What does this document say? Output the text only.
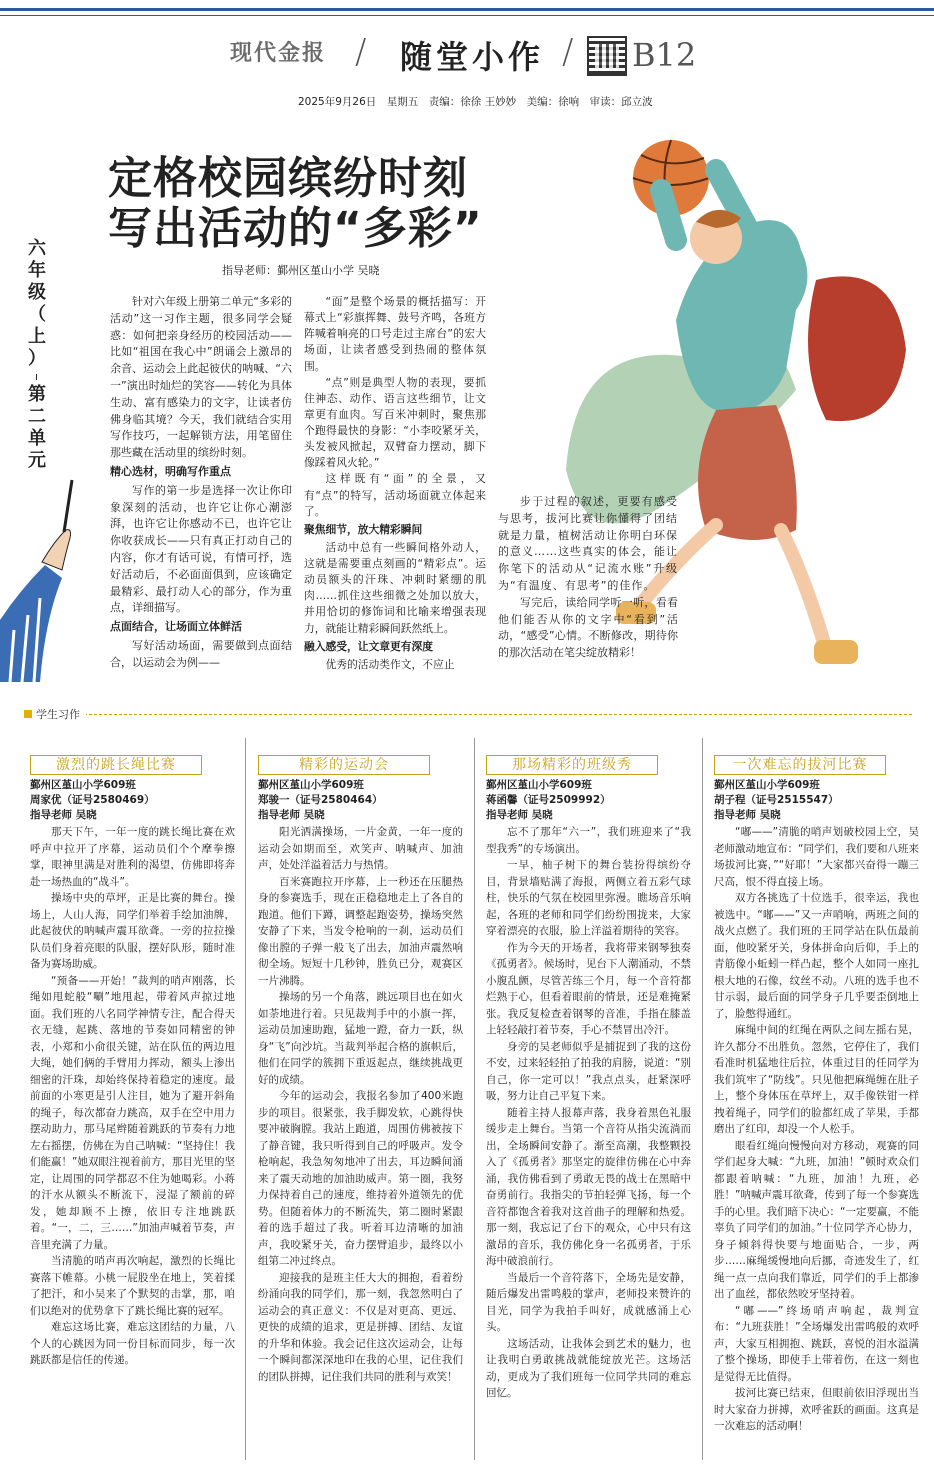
现代金报 / 随堂小作 / B12
2025年9月26日　星期五　责编：徐徐 王妙妙　美编：徐响　审读：邱立波
定格校园缤纷时刻
写出活动的“多彩”
指导老师：鄞州区堇山小学 吴晓
六
年
级
（
上
）
第
二
单
元

针对六年级上册第二单元“多彩的活动”这一习作主题，很多同学会疑惑：如何把亲身经历的校园活动——比如“祖国在我心中”朗诵会上激昂的余音、运动会上此起彼伏的呐喊、“六一”演出时灿烂的笑容——转化为具体生动、富有感染力的文字，让读者仿佛身临其境？今天，我们就结合实用写作技巧，一起解锁方法，用笔留住那些藏在活动里的缤纷时刻。

精心选材，明确写作重点

写作的第一步是选择一次让你印象深刻的活动，也许它让你心潮澎湃，也许它让你感动不已，也许它让你收获成长——只有真正打动自己的内容，你才有话可说，有情可抒，选好活动后，不必面面俱到，应该确定最精彩、最打动人心的部分，作为重点，详细描写。

点面结合，让场面立体鲜活

写好活动场面，需要做到点面结合，以运动会为例——

“面”是整个场景的概括描写：开幕式上“彩旗挥舞、鼓号齐鸣，各班方阵喊着响亮的口号走过主席台”的宏大场面，让读者感受到热闹的整体氛围。

“点”则是典型人物的表现，要抓住神态、动作、语言这些细节，让文章更有血肉。写百米冲刺时，聚焦那个跑得最快的身影：“小李咬紧牙关，头发被风掀起，双臂奋力摆动，脚下像踩着风火轮。”

这样既有“面”的全景，又有“点”的特写，活动场面就立体起来了。

聚焦细节，放大精彩瞬间

活动中总有一些瞬间格外动人，这就是需要重点刻画的“精彩点”。运动员额头的汗珠、冲刺时紧绷的肌肉……抓住这些细微之处加以放大，并用恰切的修饰词和比喻来增强表现力，就能让精彩瞬间跃然纸上。

融入感受，让文章更有深度

优秀的活动类作文，不应止

步于过程的叙述，更要有感受与思考，拔河比赛让你懂得了团结就是力量，植树活动让你明白环保的意义……这些真实的体会，能让你笔下的活动从“记流水账”升级为“有温度、有思考”的佳作。

写完后，读给同学听一听，看看他们能否从你的文字中“看到”活动，“感受”心情。不断修改，期待你的那次活动在笔尖绽放精彩！

学生习作
激烈的跳长绳比赛
鄞州区堇山小学609班
周家优（证号2580469）
指导老师 吴晓

那天下午，一年一度的跳长绳比赛在欢呼声中拉开了序幕，运动员们个个摩拳擦掌，眼神里满是对胜利的渴望，仿佛即将奔赴一场热血的“战斗”。

操场中央的草坪，正是比赛的舞台。操场上，人山人海，同学们举着手绘加油牌，此起彼伏的呐喊声震耳欲聋。一旁的拉拉操队员们身着亮眼的队服，摆好队形，随时准备为赛场助威。

“预备——开始！”裁判的哨声刚落，长绳如甩蛇般“唰”地甩起，带着风声掠过地面。我们班的八名同学神情专注，配合得天衣无缝，起跳、落地的节奏如同精密的钟表，小郑和小俞很关键，站在队伍的两边甩大绳，她们俩的手臂用力挥动，额头上渗出细密的汗珠，却始终保持着稳定的速度。最前面的小寒更是引人注目，她为了避开斜角的绳子，每次都奋力跳高，双手在空中用力摆动助力，那马尾辫随着跳跃的节奏有力地左右摇摆，仿佛在为自己呐喊：“坚持住！我们能赢！”她双眼注视着前方，那目光里的坚定，让周围的同学都忍不住为她喝彩。小蒋的汗水从额头不断流下，浸湿了额前的碎发，她却顾不上擦，依旧专注地跳跃着。“一，二，三……”加油声喊着节奏，声音里充满了力量。

当清脆的哨声再次响起，激烈的长绳比赛落下帷幕。小桃一屁股坐在地上，笑着揉了把汗，和小吴来了个默契的击掌，那，咱们以绝对的优势拿下了跳长绳比赛的冠军。

难忘这场比赛，难忘这团结的力量，八个人的心跳因为同一份目标而同步，每一次跳跃都是信任的传递。

精彩的运动会
鄞州区堇山小学609班
郑骏一（证号2580464）
指导老师 吴晓

阳光洒满操场，一片金黄，一年一度的运动会如期而至，欢笑声、呐喊声、加油声，处处洋溢着活力与热情。

百米赛跑拉开序幕，上一秒还在压腿热身的参赛选手，现在正稳稳地走上了各自的跑道。他们下蹲，调整起跑姿势，操场突然安静了下来，当发令枪响的一刹，运动员们像出膛的子弹一般飞了出去，加油声震然响彻全场。短短十几秒钟，胜负已分，观赛区一片沸腾。

操场的另一个角落，跳远项目也在如火如荼地进行着。只见裁判手中的小旗一挥，运动员加速助跑，猛地一蹬，奋力一跃，纵身“飞”向沙坑。当裁判举起合格的旗帜后，他们在同学的簇拥下重返起点，继续挑战更好的成绩。

今年的运动会，我报名参加了400米跑步的项目。很紧张，我手脚发软，心跳得快要冲破胸膛。我站上跑道，周围仿佛被按下了静音键，我只听得到自己的呼吸声。发令枪响起，我急匆匆地冲了出去，耳边瞬间涌来了震天动地的加油助威声。第一圈，我努力保持着自己的速度，维持着外道领先的优势。但随着体力的不断流失，第二圈时紧跟着的选手超过了我。听着耳边清晰的加油声，我咬紧牙关，奋力摆臂追步，最终以小组第二冲过终点。

迎接我的是班主任大大的拥抱，看着纷纷涌向我的同学们，那一刻，我忽然明白了运动会的真正意义：不仅是对更高、更远、更快的成绩的追求，更是拼搏、团结、友谊的升华和体验。我会记住这次运动会，让每一个瞬间都深深地印在我的心里，记住我们的团队拼搏，记住我们共同的胜利与欢笑！

那场精彩的班级秀
鄞州区堇山小学609班
蒋函馨（证号2509992）
指导老师 吴晓

忘不了那年“六一”，我们班迎来了“我型我秀”的专场演出。

一早，柚子树下的舞台装扮得缤纷夺目，背景墙贴满了海报，两侧立着五彩气球柱，快乐的气氛在校园里弥漫。瞧场音乐响起，各班的老师和同学们纷纷围拢来，大家穿着漂亮的衣服，脸上洋溢着期待的笑容。

作为今天的开场者，我将带来钢琴独奏《孤勇者》。候场时，见台下人潮涌动，不禁小腹乱颤，尽管苦练三个月，每一个音符都烂熟于心，但看着眼前的情景，还是难掩紧张。我反复检查着钢琴的音准，手指在膝盖上轻轻敲打着节奏，手心不禁冒出冷汗。

身旁的吴老师似乎是捕捉到了我的这份不安，过来轻轻拍了拍我的肩膀，说道：“别自己，你一定可以！”我点点头，赶紧深呼吸，努力让自己平复下来。

随着主持人报幕声落，我身着黑色礼服缓步走上舞台。当第一个音符从指尖流淌而出，全场瞬间安静了。渐至高潮，我整颗投入了《孤勇者》那坚定的旋律仿佛在心中奔涌，我仿佛看到了勇敢无畏的战士在黑暗中奋勇前行。我指尖的节拍轻弹飞扬，每一个音符都饱含着我对这首曲子的理解和热爱。那一刻，我忘记了台下的观众，心中只有这激昂的音乐，我仿佛化身一名孤勇者，于乐海中破浪前行。

当最后一个音符落下，全场先是安静，随后爆发出雷鸣般的掌声，老师投来赞许的目光，同学为我拍手叫好，成就感涌上心头。

这场活动，让我体会到艺术的魅力，也让我明白勇敢挑战就能绽放光芒。这场活动，更成为了我们班每一位同学共同的难忘回忆。

一次难忘的拔河比赛
鄞州区堇山小学609班
胡子程（证号2515547）
指导老师 吴晓

“嘟——”清脆的哨声划破校园上空，吴老师激动地宣布：“同学们，我们要和八班来场拔河比赛，”“好耶！”大家都兴奋得一蹦三尺高，恨不得直接上场。

双方各挑选了十位选手，很幸运，我也被选中。“嘟——”又一声哨响，两班之间的战火点燃了。我们班的王同学站在队伍最前面，他咬紧牙关，身体拼命向后仰，手上的青筋像小蚯蚓一样凸起，整个人如同一座扎根大地的石像，纹丝不动。八班的选手也不甘示弱，最后面的同学身子几乎要歪倒地上了，脸憋得通红。

麻绳中间的红绳在两队之间左摇右晃，许久都分不出胜负。忽然，它停住了，我们看准时机猛地往后拉，体重过目的任同学为我们筑牢了“防线”。只见他把麻绳缠在肚子上，整个身体压在草坪上，双手像铁钳一样拽着绳子，同学们的脸都红成了苹果，手都磨出了红印，却没一个人松手。

眼看红绳向慢慢向对方移动，观赛的同学们起身大喊：“九班，加油！”顿时欢众们都跟着呐喊：“九班，加油！九班，必胜！”呐喊声震耳欲聋，传到了每一个参赛选手的心里。我们暗下决心：“一定要赢，不能辜负了同学们的加油。”十位同学齐心协力，身子倾斜得快要与地面贴合，一步，两步……麻绳缓慢地向后挪，奇迹发生了，红绳一点一点向我们靠近，同学们的手上都渗出了血丝，都依然咬牙坚持着。

“嘟——”终场哨声响起，裁判宣布：“九班获胜！”全场爆发出雷鸣般的欢呼声，大家互相拥抱、跳跃，喜悦的泪水溢满了整个操场，即使手上带着伤，在这一刻也是觉得无比值得。

拔河比赛已结束，但眼前依旧浮现出当时大家奋力拼搏，欢呼雀跃的画面。这真是一次难忘的活动啊！
